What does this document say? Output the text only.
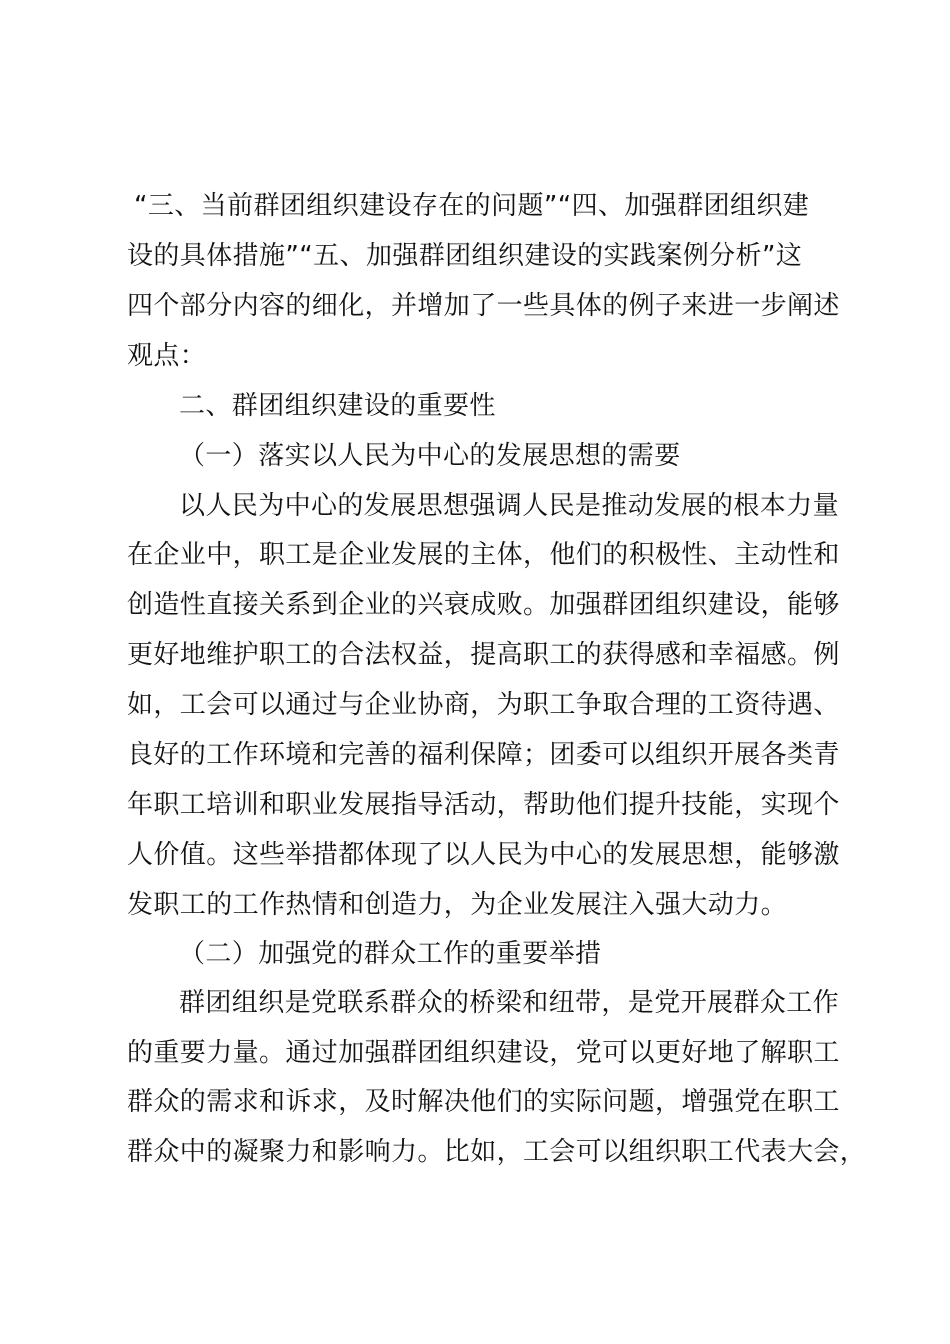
“三、当前群团组织建设存在的问题”“四、加强群团组织建
设的具体措施”“五、加强群团组织建设的实践案例分析”这
四个部分内容的细化，并增加了一些具体的例子来进一步阐述
观点：
二、群团组织建设的重要性
（一）落实以人民为中心的发展思想的需要
以人民为中心的发展思想强调人民是推动发展的根本力量
在企业中，职工是企业发展的主体，他们的积极性、主动性和
创造性直接关系到企业的兴衰成败。加强群团组织建设，能够
更好地维护职工的合法权益，提高职工的获得感和幸福感。例
如，工会可以通过与企业协商，为职工争取合理的工资待遇、
良好的工作环境和完善的福利保障；团委可以组织开展各类青
年职工培训和职业发展指导活动，帮助他们提升技能，实现个
人价值。这些举措都体现了以人民为中心的发展思想，能够激
发职工的工作热情和创造力，为企业发展注入强大动力。
（二）加强党的群众工作的重要举措
群团组织是党联系群众的桥梁和纽带，是党开展群众工作
的重要力量。通过加强群团组织建设，党可以更好地了解职工
群众的需求和诉求，及时解决他们的实际问题，增强党在职工
群众中的凝聚力和影响力。比如，工会可以组织职工代表大会，
